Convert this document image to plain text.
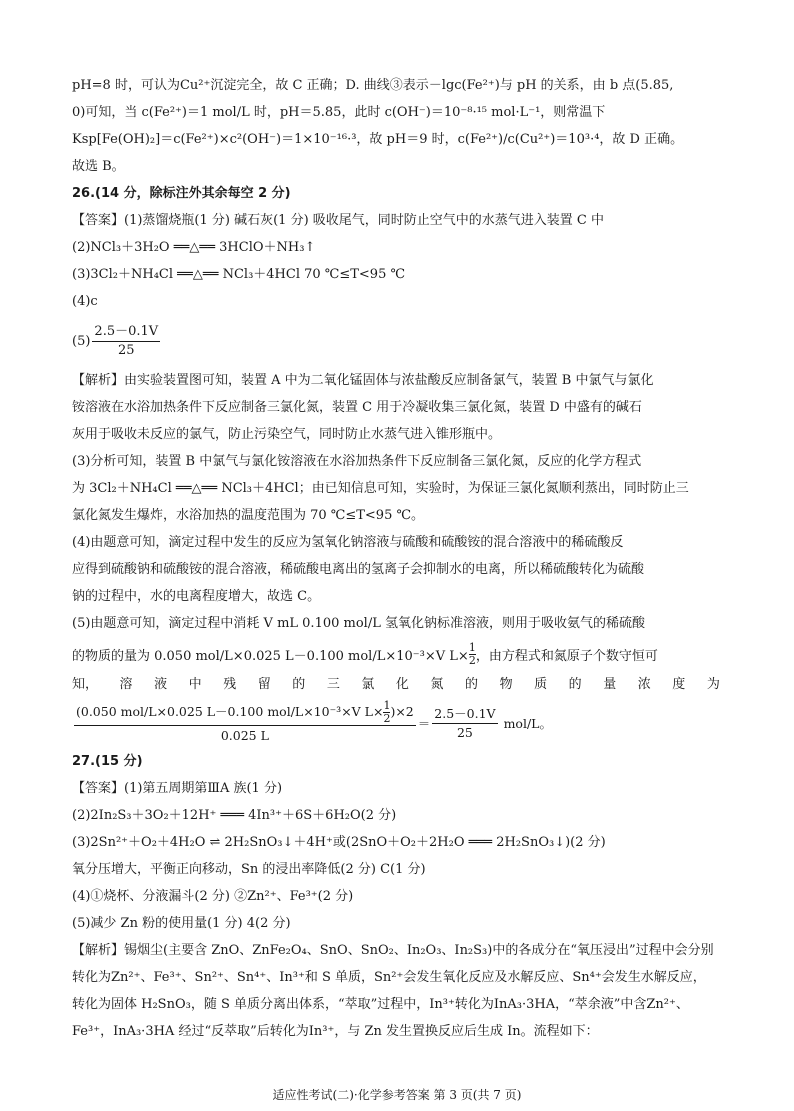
pH=8 时，可认为Cu²⁺沉淀完全，故 C 正确；D. 曲线③表示－lgc(Fe²⁺)与 pH 的关系，由 b 点(5.85,
0)可知，当 c(Fe²⁺)＝1 mol/L 时，pH＝5.85，此时 c(OH⁻)＝10⁻⁸·¹⁵ mol·L⁻¹，则常温下
Ksp[Fe(OH)₂]＝c(Fe²⁺)×c²(OH⁻)＝1×10⁻¹⁶·³，故 pH＝9 时，c(Fe²⁺)/c(Cu²⁺)＝10³·⁴，故 D 正确。
故选 B。
26.(14 分，除标注外其余每空 2 分)
【答案】(1)蒸馏烧瓶(1 分) 碱石灰(1 分) 吸收尾气，同时防止空气中的水蒸气进入装置 C 中
(2)NCl₃＋3H₂O ══△══ 3HClO＋NH₃↑
(3)3Cl₂＋NH₄Cl ══△══ NCl₃＋4HCl 70 ℃≤T<95 ℃
(4)c
$(5) \frac{2.5-0.1V}{25}$
【解析】由实验装置图可知，装置 A 中为二氧化锰固体与浓盐酸反应制备氯气，装置 B 中氯气与氯化
铵溶液在水浴加热条件下反应制备三氯化氮，装置 C 用于冷凝收集三氯化氮，装置 D 中盛有的碱石
灰用于吸收未反应的氯气，防止污染空气，同时防止水蒸气进入锥形瓶中。
(3)分析可知，装置 B 中氯气与氯化铵溶液在水浴加热条件下反应制备三氯化氮，反应的化学方程式
为 3Cl₂＋NH₄Cl ══△══ NCl₃＋4HCl；由已知信息可知，实验时，为保证三氯化氮顺利蒸出，同时防止三
氯化氮发生爆炸，水浴加热的温度范围为 70 ℃≤T<95 ℃。
(4)由题意可知，滴定过程中发生的反应为氢氧化钠溶液与硫酸和硫酸铵的混合溶液中的稀硫酸反
应得到硫酸钠和硫酸铵的混合溶液，稀硫酸电离出的氢离子会抑制水的电离，所以稀硫酸转化为硫酸
钠的过程中，水的电离程度增大，故选 C。
(5)由题意可知，滴定过程中消耗 V mL 0.100 mol/L 氢氧化钠标准溶液，则用于吸收氨气的稀硫酸
的物质的量为 0.050 mol/L×0.025 L－0.100 mol/L×10⁻³×V $L\times \frac{1}{2}$ ，由方程式和氮原子个数守恒可
知， 溶 液 中 残 留 的 三 氯 化 氮 的 物 质 的 量 浓 度 为
$\frac{(0.050 mol/L\times 0.025 L-0.100 mol/L\times 10^{-3}\times V L\times \frac{1}{2} )\times 2}{0.025 L} = \frac{2.5-0.1V}{25} mol/L$。
27.(15 分)
【答案】(1)第五周期第ⅢA 族(1 分)
(2)2In₂S₃＋3O₂＋12H⁺ ═══ 4In³⁺＋6S＋6H₂O(2 分)
(3)2Sn²⁺＋O₂＋4H₂O ⇌ 2H₂SnO₃↓＋4H⁺或(2SnO＋O₂＋2H₂O ═══ 2H₂SnO₃↓)(2 分)
氧分压增大，平衡正向移动，Sn 的浸出率降低(2 分) C(1 分)
(4)①烧杯、分液漏斗(2 分) ②Zn²⁺、Fe³⁺(2 分)
(5)减少 Zn 粉的使用量(1 分) 4(2 分)
【解析】锡烟尘(主要含 ZnO、ZnFe₂O₄、SnO、SnO₂、In₂O₃、In₂S₃)中的各成分在“氧压浸出”过程中会分别
转化为Zn²⁺、Fe³⁺、Sn²⁺、Sn⁴⁺、In³⁺和 S 单质，Sn²⁺会发生氧化反应及水解反应、Sn⁴⁺会发生水解反应，
转化为固体 H₂SnO₃，随 S 单质分离出体系，“萃取”过程中，In³⁺转化为InA₃·3HA，“萃余液”中含Zn²⁺、
Fe³⁺，InA₃·3HA 经过“反萃取”后转化为In³⁺，与 Zn 发生置换反应后生成 In。流程如下：
适应性考试(二)·化学参考答案 第 3 页(共 7 页)
